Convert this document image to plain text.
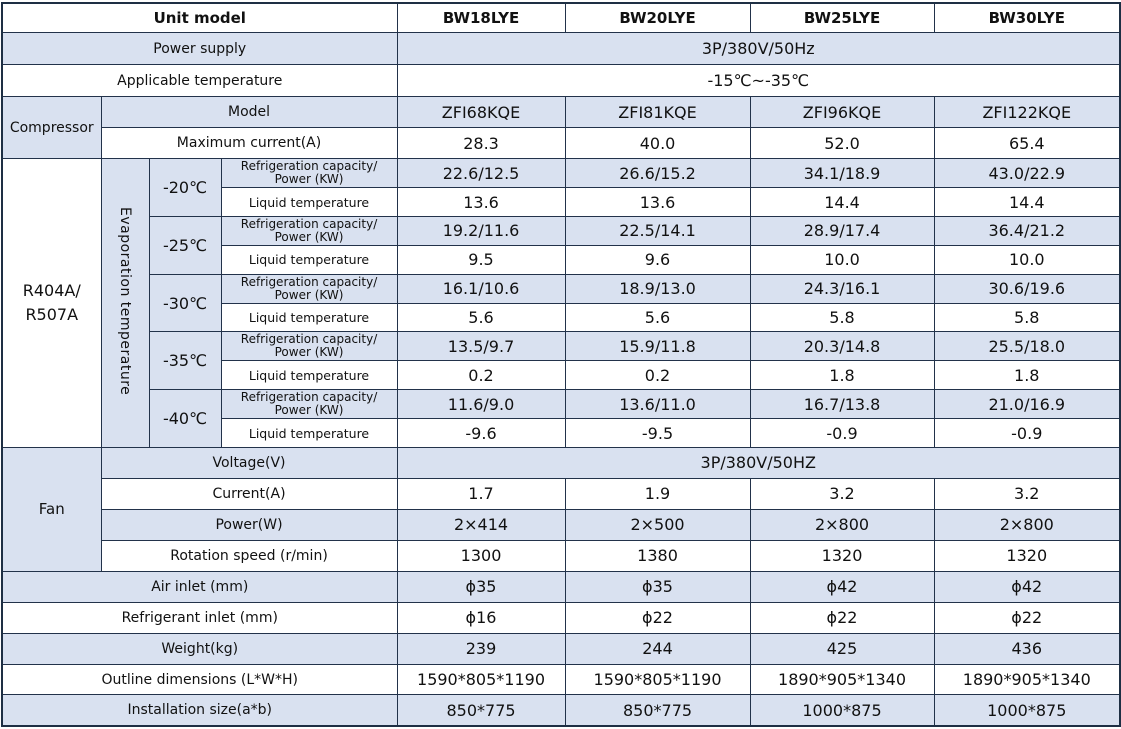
Unit model				BW18LYE	BW20LYE	BW25LYE	BW30LYE
Power supply				3P/380V/50Hz			
Applicable temperature				-15℃~-35℃			
Compressor	Model			ZFI68KQE	ZFI81KQE	ZFI96KQE	ZFI122KQE
	Maximum current(A)			28.3	40.0	52.0	65.4
R404A/
R507A	Evaporation temperature	-20℃	Refrigeration capacity/
Power (KW)	22.6/12.5	26.6/15.2	34.1/18.9	43.0/22.9
			Liquid temperature	13.6	13.6	14.4	14.4
		-25℃	Refrigeration capacity/
Power (KW)	19.2/11.6	22.5/14.1	28.9/17.4	36.4/21.2
			Liquid temperature	9.5	9.6	10.0	10.0
		-30℃	Refrigeration capacity/
Power (KW)	16.1/10.6	18.9/13.0	24.3/16.1	30.6/19.6
			Liquid temperature	5.6	5.6	5.8	5.8
		-35℃	Refrigeration capacity/
Power (KW)	13.5/9.7	15.9/11.8	20.3/14.8	25.5/18.0
			Liquid temperature	0.2	0.2	1.8	1.8
		-40℃	Refrigeration capacity/
Power (KW)	11.6/9.0	13.6/11.0	16.7/13.8	21.0/16.9
			Liquid temperature	-9.6	-9.5	-0.9	-0.9
Fan	Voltage(V)			3P/380V/50HZ			
	Current(A)			1.7	1.9	3.2	3.2
	Power(W)			2×414	2×500	2×800	2×800
	Rotation speed (r/min)			1300	1380	1320	1320
Air inlet (mm)				ɸ35	ɸ35	ɸ42	ɸ42
Refrigerant inlet (mm)				ɸ16	ɸ22	ɸ22	ɸ22
Weight(kg)				239	244	425	436
Outline dimensions (L*W*H)				1590*805*1190	1590*805*1190	1890*905*1340	1890*905*1340
Installation size(a*b)				850*775	850*775	1000*875	1000*875
